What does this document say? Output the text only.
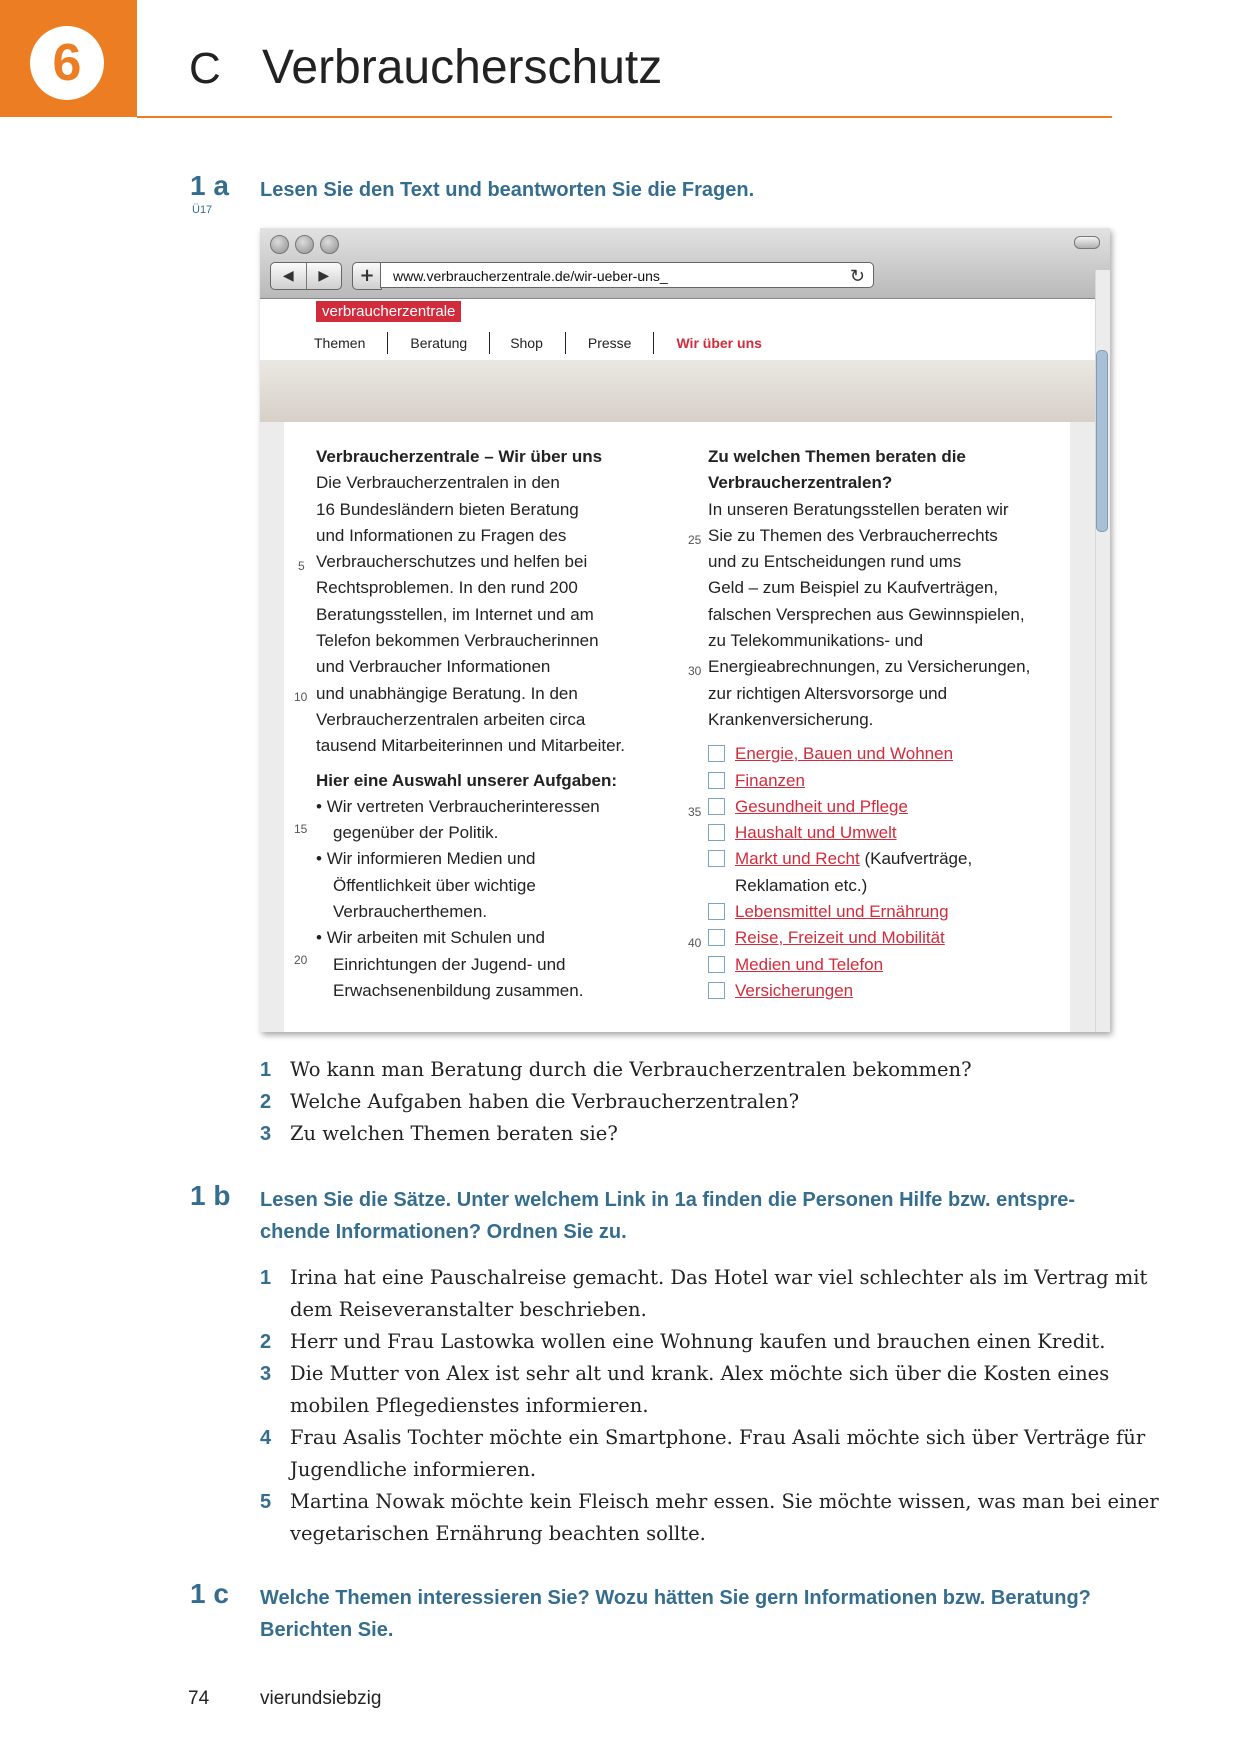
6	C Verbraucherschutz
1 a
Ü17
Lesen Sie den Text und beantworten Sie die Fragen.
◀	▶	+	www.verbraucherzentrale.de/wir-ueber-uns_	↻
verbraucherzentrale
Themen	Beratung	Shop	Presse	Wir über uns
5
10
15
20

Verbraucherzentrale – Wir über uns

Die Verbraucherzentralen in den

16 Bundesländern bieten Beratung

und Informationen zu Fragen des

Verbraucherschutzes und helfen bei

Rechtsproblemen. In den rund 200

Beratungsstellen, im Internet und am

Telefon bekommen Verbraucherinnen

und Verbraucher Informationen

und unabhängige Beratung. In den

Verbraucherzentralen arbeiten circa

tausend Mitarbeiterinnen und Mitarbeiter.

Hier eine Auswahl unserer Aufgaben:

• Wir vertreten Verbraucherinteressen
gegenüber der Politik.
• Wir informieren Medien und
Öffentlichkeit über wichtige
Verbraucherthemen.
• Wir arbeiten mit Schulen und
Einrichtungen der Jugend- und
Erwachsenenbildung zusammen.
25
30
35
40

Zu welchen Themen beraten die

Verbraucherzentralen?

In unseren Beratungsstellen beraten wir

Sie zu Themen des Verbraucherrechts

und zu Entscheidungen rund ums

Geld – zum Beispiel zu Kaufverträgen,

falschen Versprechen aus Gewinnspielen,

zu Telekommunikations- und

Energieabrechnungen, zu Versicherungen,

zur richtigen Altersvorsorge und

Krankenversicherung.

Energie, Bauen und Wohnen
Finanzen
Gesundheit und Pflege
Haushalt und Umwelt
Markt und Recht (Kaufverträge,
Reklamation etc.)
Lebensmittel und Ernährung
Reise, Freizeit und Mobilität
Medien und Telefon
Versicherungen
1 Wo kann man Beratung durch die Verbraucherzentralen bekommen?
2 Welche Aufgaben haben die Verbraucherzentralen?
3 Zu welchen Themen beraten sie?
1 b Lesen Sie die Sätze. Unter welchem Link in 1a finden die Personen Hilfe bzw. entspre-
chende Informationen? Ordnen Sie zu.
1 Irina hat eine Pauschalreise gemacht. Das Hotel war viel schlechter als im Vertrag mit
dem Reiseveranstalter beschrieben.
2 Herr und Frau Lastowka wollen eine Wohnung kaufen und brauchen einen Kredit.
3 Die Mutter von Alex ist sehr alt und krank. Alex möchte sich über die Kosten eines
mobilen Pflegedienstes informieren.
4 Frau Asalis Tochter möchte ein Smartphone. Frau Asali möchte sich über Verträge für
Jugendliche informieren.
5 Martina Nowak möchte kein Fleisch mehr essen. Sie möchte wissen, was man bei einer
vegetarischen Ernährung beachten sollte.
1 c Welche Themen interessieren Sie? Wozu hätten Sie gern Informationen bzw. Beratung?
Berichten Sie.
74	vierundsiebzig
